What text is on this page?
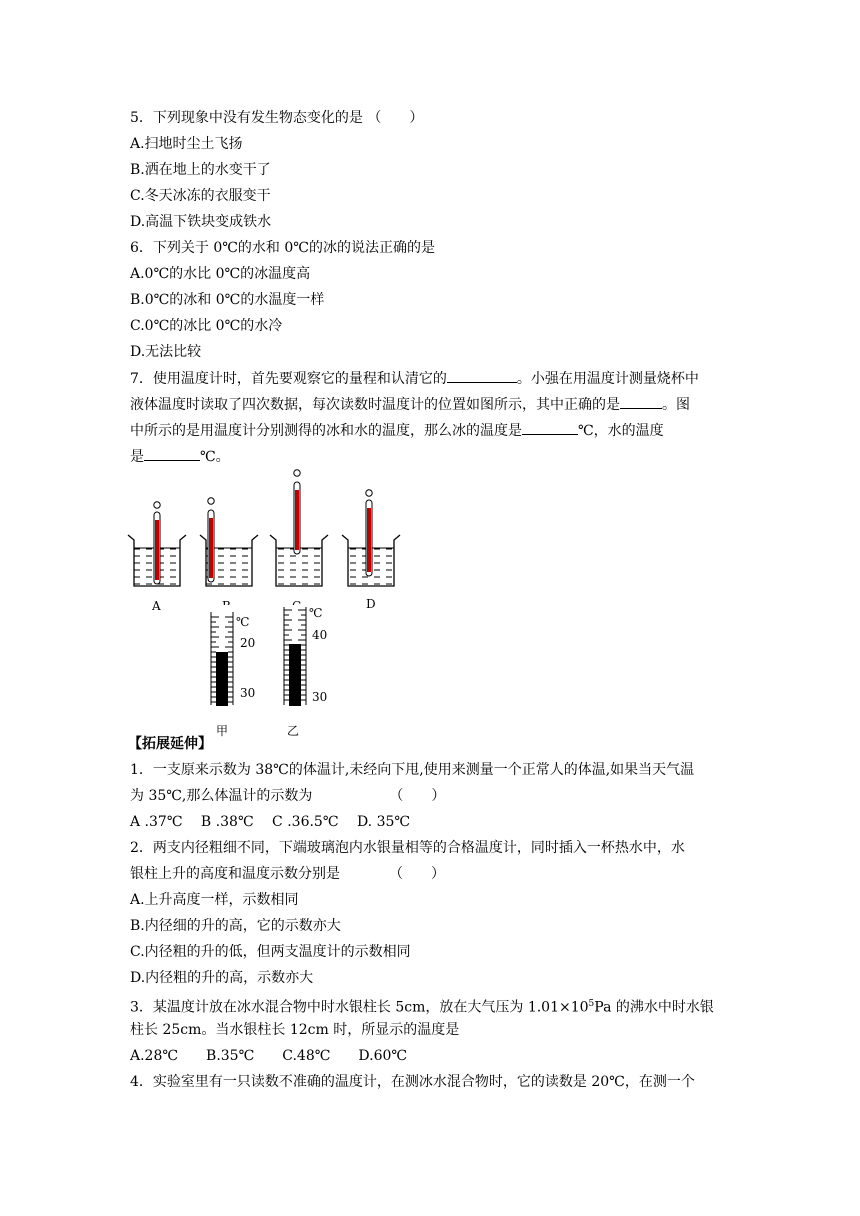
5．下列现象中没有发生物态变化的是 （　　）
A.扫地时尘土飞扬
B.洒在地上的水变干了
C.冬天冰冻的衣服变干
D.高温下铁块变成铁水
6．下列关于 0℃的水和 0℃的冰的说法正确的是
A.0℃的水比 0℃的冰温度高
B.0℃的冰和 0℃的水温度一样
C.0℃的冰比 0℃的水冷
D.无法比较
7．使用温度计时，首先要观察它的量程和认清它的	。小强在用温度计测量烧杯中
液体温度时读取了四次数据，每次读数时温度计的位置如图所示，其中正确的是	。图
中所示的是用温度计分别测得的冰和水的温度，那么冰的温度是	℃，水的温度
是	℃。
A	D
℃
20
30
甲
℃
40
30
乙
【拓展延伸】
1．一支原来示数为 38℃的体温计,未经向下甩,使用来测量一个正常人的体温,如果当天气温
为 35℃,那么体温计的示数为　　　　　　（　　）
A .37℃　 B .38℃　 C .36.5℃　 D. 35℃
2．两支内径粗细不同，下端玻璃泡内水银量相等的合格温度计，同时插入一杯热水中，水
银柱上升的高度和温度示数分别是　　　　（　　）
A.上升高度一样，示数相同
B.内径细的升的高，它的示数亦大
C.内径粗的升的低，但两支温度计的示数相同
D.内径粗的升的高，示数亦大
3．某温度计放在冰水混合物中时水银柱长 5cm，放在大气压为 $1.01\times 10^5Pa$ 的沸水中时水银
柱长 25cm。当水银柱长 12cm 时，所显示的温度是
A.28℃　　B.35℃　　C.48℃　　D.60℃
4．实验室里有一只读数不准确的温度计，在测冰水混合物时，它的读数是 20℃，在测一个
